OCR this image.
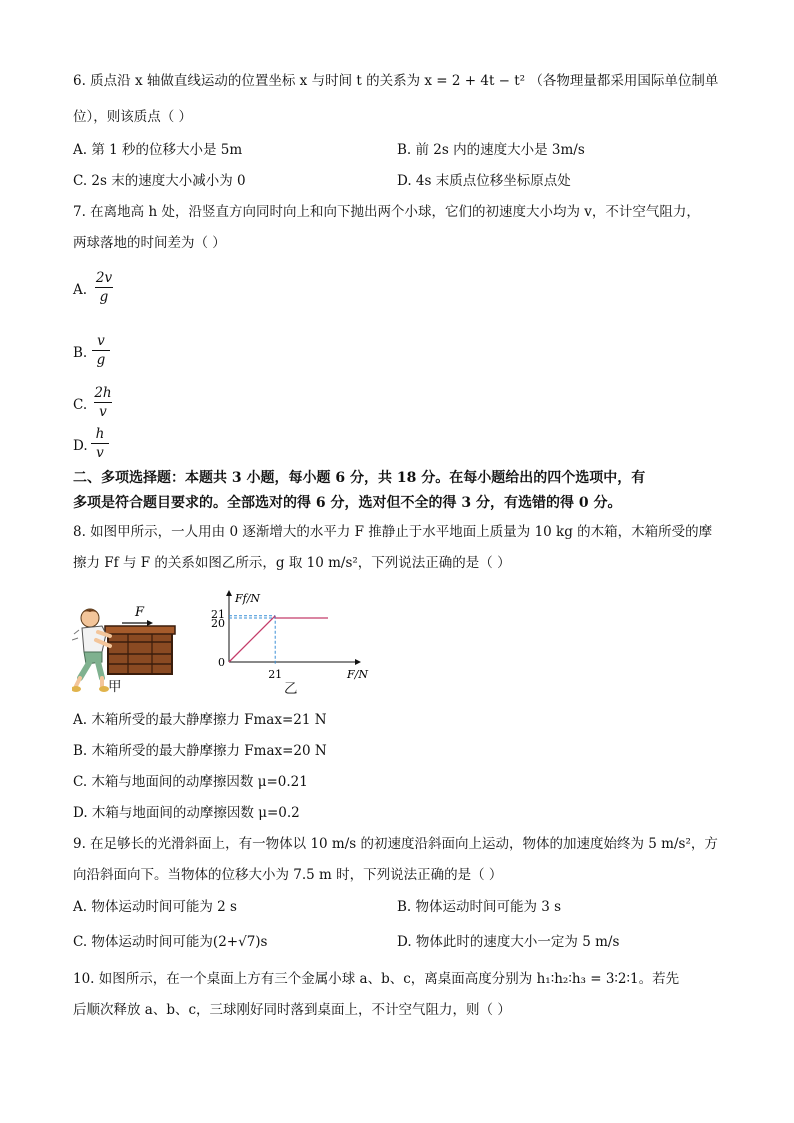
6. 质点沿 x 轴做直线运动的位置坐标 x 与时间 t 的关系为 x = 2 + 4t − t² （各物理量都采用国际单位制单
位），则该质点（ ）
A. 第 1 秒的位移大小是 5m	B. 前 2s 内的速度大小是 3m/s
C. 2s 末的速度大小减小为 0	D. 4s 末质点位移坐标原点处
7. 在离地高 h 处，沿竖直方向同时向上和向下抛出两个小球，它们的初速度大小均为 v，不计空气阻力，
两球落地的时间差为（ ）
A.
2v
g
B.
v
g
C.
2h
v
D.
h
v
二、多项选择题：本题共 3 小题，每小题 6 分，共 18 分。在每小题给出的四个选项中，有
多项是符合题目要求的。全部选对的得 6 分，选对但不全的得 3 分，有选错的得 0 分。
8. 如图甲所示，一人用由 0 逐渐增大的水平力 F 推静止于水平地面上质量为 10 kg 的木箱，木箱所受的摩
擦力 Ff 与 F 的关系如图乙所示，g 取 10 m/s²，下列说法正确的是（ ）
F
甲
21
20
0
21
Ff/N
F/N
乙
A. 木箱所受的最大静摩擦力 Fmax=21 N
B. 木箱所受的最大静摩擦力 Fmax=20 N
C. 木箱与地面间的动摩擦因数 μ=0.21
D. 木箱与地面间的动摩擦因数 μ=0.2
9. 在足够长的光滑斜面上，有一物体以 10 m/s 的初速度沿斜面向上运动，物体的加速度始终为 5 m/s²，方
向沿斜面向下。当物体的位移大小为 7.5 m 时，下列说法正确的是（ ）
A. 物体运动时间可能为 2 s	B. 物体运动时间可能为 3 s
C. 物体运动时间可能为(2+√7)s	D. 物体此时的速度大小一定为 5 m/s
10. 如图所示，在一个桌面上方有三个金属小球 a、b、c，离桌面高度分别为 h₁∶h₂∶h₃ = 3∶2∶1。若先
后顺次释放 a、b、c，三球刚好同时落到桌面上，不计空气阻力，则（ ）
